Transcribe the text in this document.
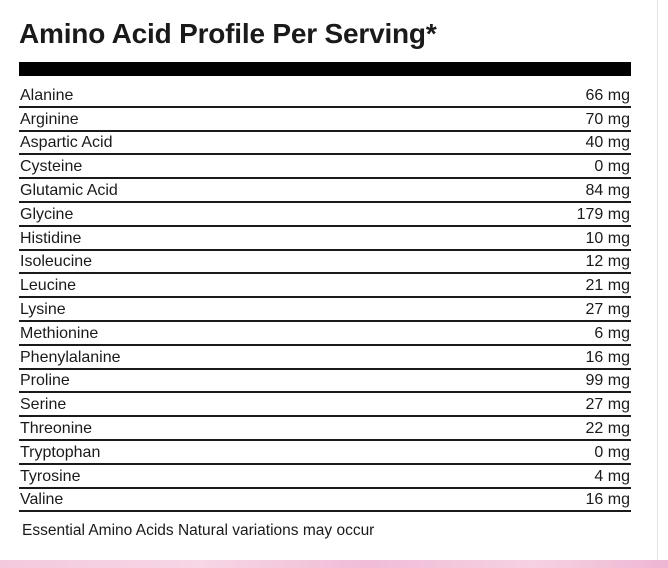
Amino Acid Profile Per Serving*
Alanine	66 mg
Arginine	70 mg
Aspartic Acid	40 mg
Cysteine	0 mg
Glutamic Acid	84 mg
Glycine	179 mg
Histidine	10 mg
Isoleucine	12 mg
Leucine	21 mg
Lysine	27 mg
Methionine	6 mg
Phenylalanine	16 mg
Proline	99 mg
Serine	27 mg
Threonine	22 mg
Tryptophan	0 mg
Tyrosine	4 mg
Valine	16 mg
Essential Amino Acids Natural variations may occur
